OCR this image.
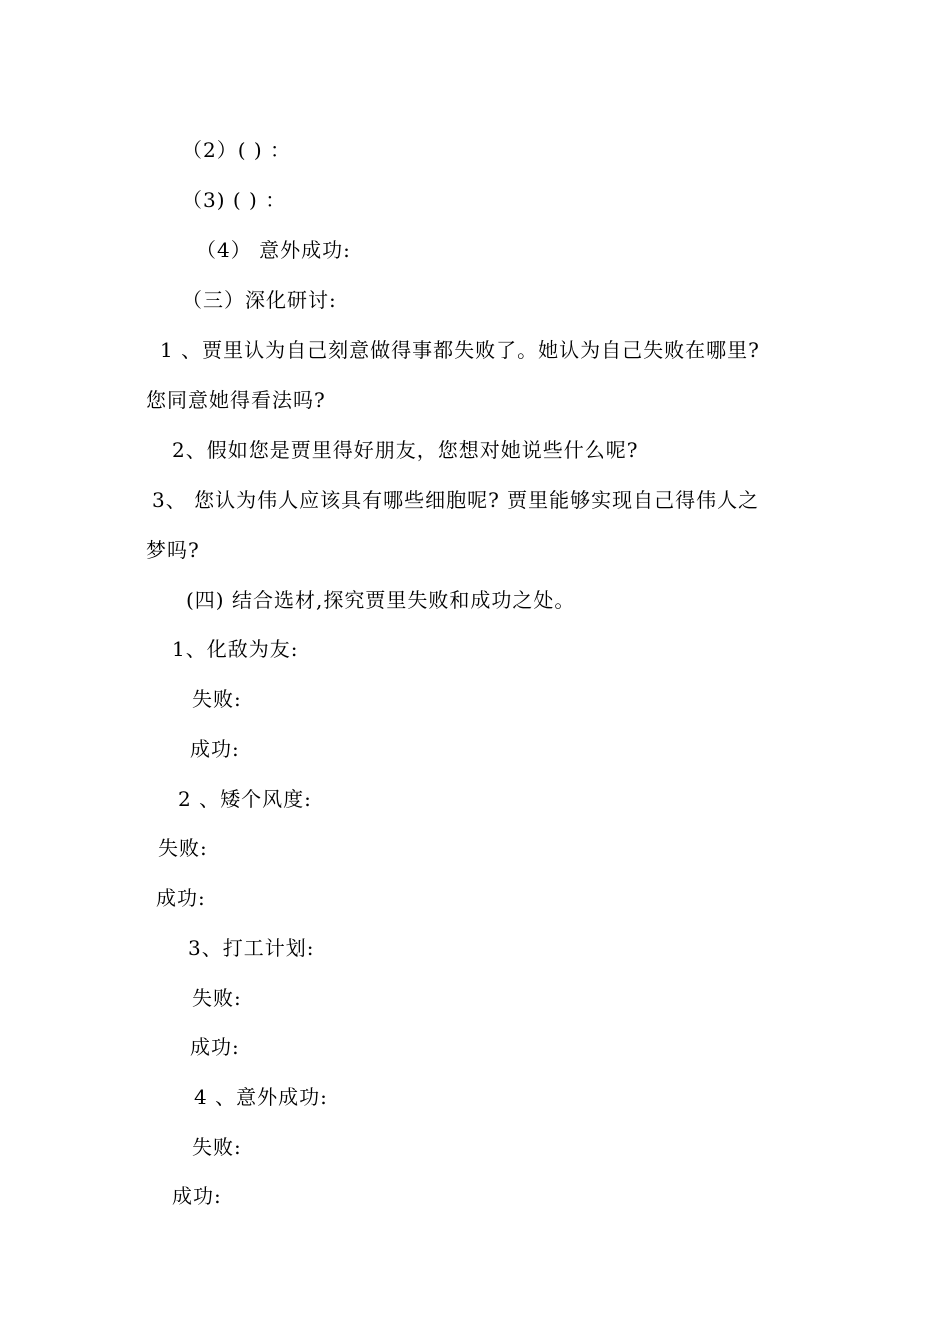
（2）( ) ：
（3) ( ) ：
（4） 意外成功:
（三）深化研讨:
1 、贾里认为自己刻意做得事都失败了。她认为自己失败在哪里?
您同意她得看法吗?
2、假如您是贾里得好朋友，您想对她说些什么呢?
3、 您认为伟人应该具有哪些细胞呢? 贾里能够实现自己得伟人之
梦吗?
(四) 结合选材,探究贾里失败和成功之处。
1、化敌为友:
失败:
成功:
2 、矮个风度:
失败:
成功:
3、打工计划:
失败:
成功:
4 、意外成功:
失败:
成功:
